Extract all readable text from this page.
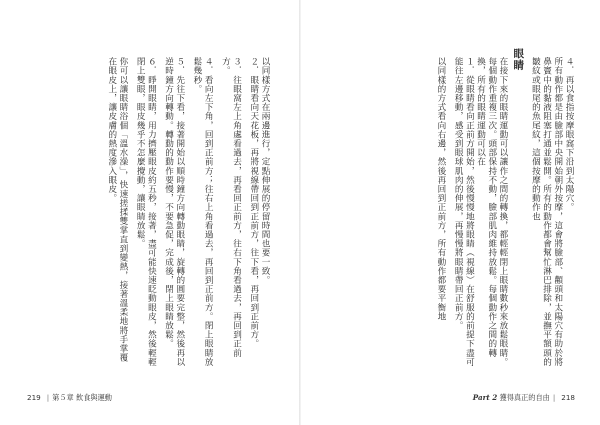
以同樣方式在兩邊進行，定點伸展的停留時間也要一致。

２．眼睛看向天花板，再將視線帶回到正前方，往下看，再回到正前方。

３．往眼窩左上角處看過去，再看回正前方，往右下角看過去，再回到正前方。

４．看向左下角，回到正前方；往右上角看過去，再回到正前方。閉上眼睛放鬆幾秒。

５．先往下看，接著開始以順時鐘方向轉動眼睛，旋轉的圓要完整，然後再以逆時鐘方向轉動。轉動的動作要慢，不要急促，完成後，閉上眼睛放鬆。

６．睜開眼睛，用力擠壓眼皮約五秒，接著，盡可能快速眨動眼皮，然後輕輕閉上雙眼，眼皮幾乎不怎麼攪動，讓眼睛放鬆。

你可以讓眼睛浴個「溫水澡」，快速搓揉雙掌直到變熱，接著溫柔地將手掌覆在眼皮上，讓皮膚的熱度滲入眼皮。

219 | 第５章 飲食與運動

４．再以食指按摩眼窩下沿到太陽穴。

所有動作都是由臉部中央開始朝外按摩，這會將臉部、顴頭和太陽穴有助於將鼻竇中的黏液阻塞打通並鬆開。所有的動作都會幫忙淋巴排除，並撫平額頭的皺紋或眼尾的魚尾紋，這個按摩的動作也

眼睛

在接下來的眼睛運動可以讓作之間的轉換，都輕輕閉上眼睛數秒來放鬆眼睛。每個動作重複三次。頭部保持不動，臉部肌肉維持放鬆。每個動作之間的轉換，所有的眼睛運動可以在

１．從眼睛看向正前方開始，然後慢慢地將眼睛（視線）在舒服的前提下盡可能往左邊移動，感受到眼球肌肉的伸展，再慢慢將眼睛帶回正前方。

以同樣的方式看向右邊，然後再回到正前方，所有動作都要平衡地

Part 2 獲得真正的自由 | 218
